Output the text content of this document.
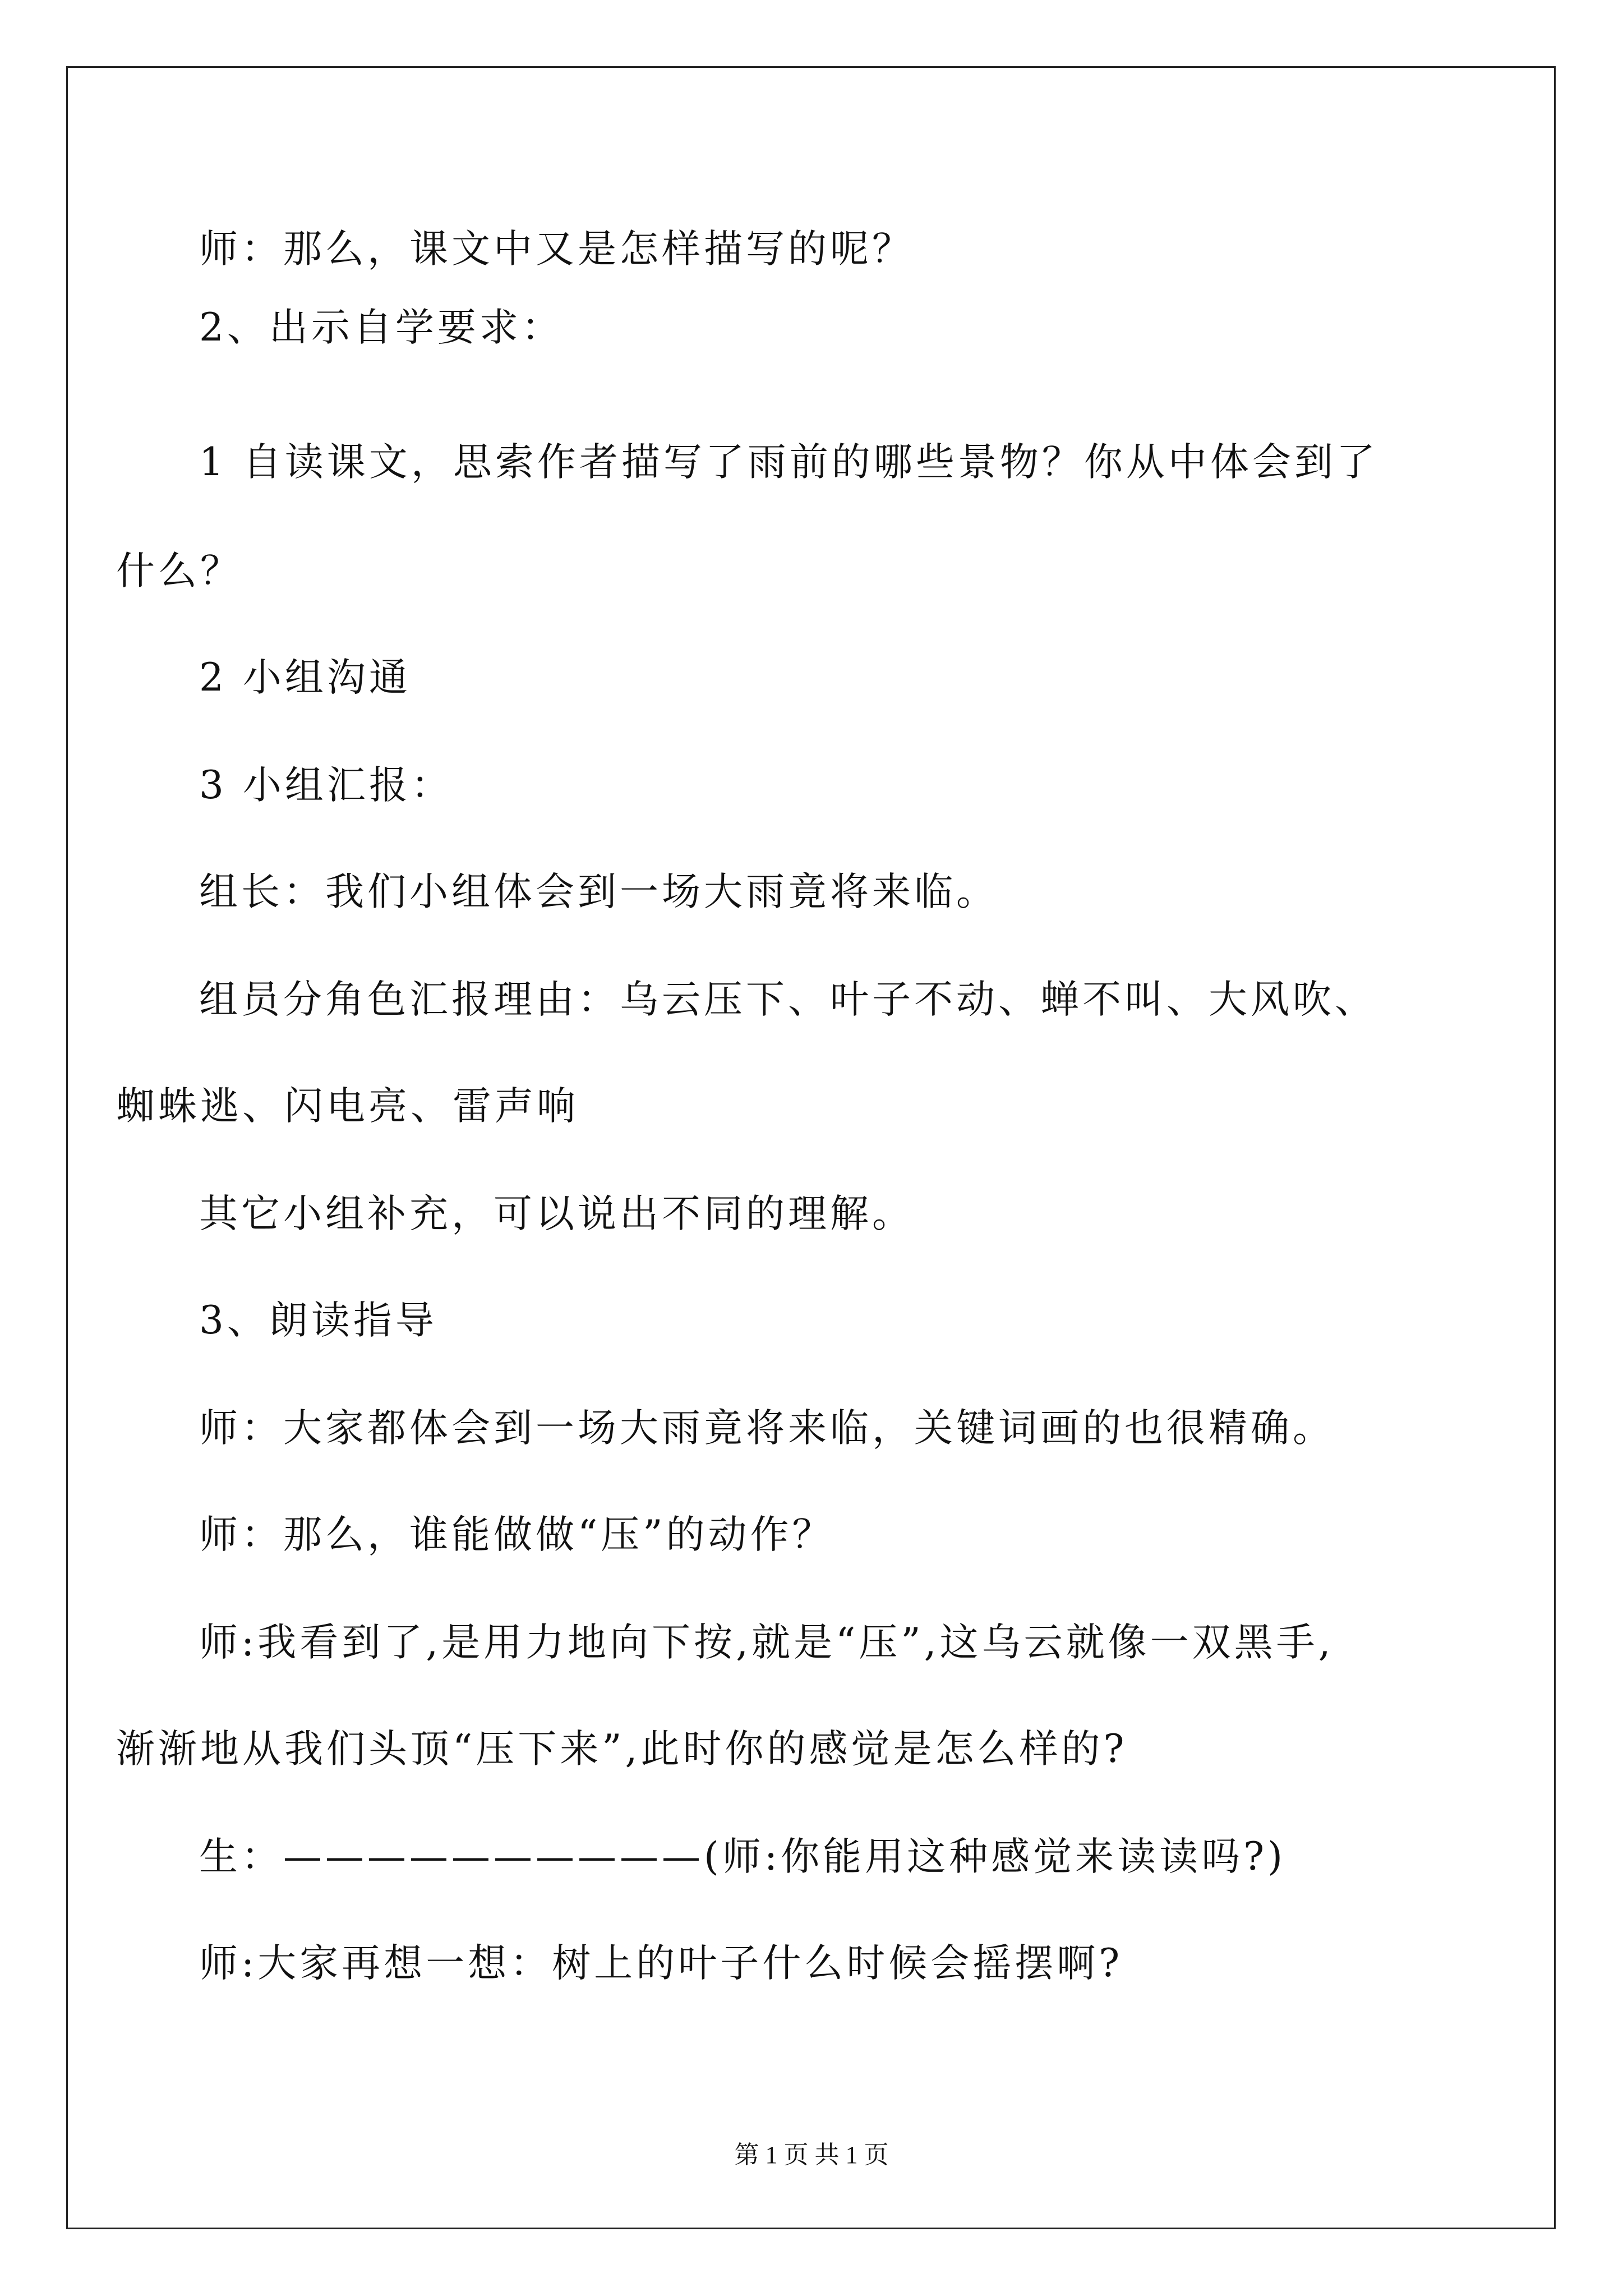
师：那么，课文中又是怎样描写的呢？
2、出示自学要求：
1 自读课文，思索作者描写了雨前的哪些景物？你从中体会到了
什么？
2 小组沟通
3 小组汇报：
组长：我们小组体会到一场大雨竟将来临。
组员分角色汇报理由：乌云压下、叶子不动、蝉不叫、大风吹、
蜘蛛逃、闪电亮、雷声响
其它小组补充，可以说出不同的理解。
3、朗读指导
师：大家都体会到一场大雨竟将来临，关键词画的也很精确。
师：那么，谁能做做“压”的动作？
师:我看到了,是用力地向下按,就是“压”,这乌云就像一双黑手,
渐渐地从我们头顶“压下来”,此时你的感觉是怎么样的?
生：——————————(师:你能用这种感觉来读读吗?)
师:大家再想一想：树上的叶子什么时候会摇摆啊?
第 1 页 共 1 页
